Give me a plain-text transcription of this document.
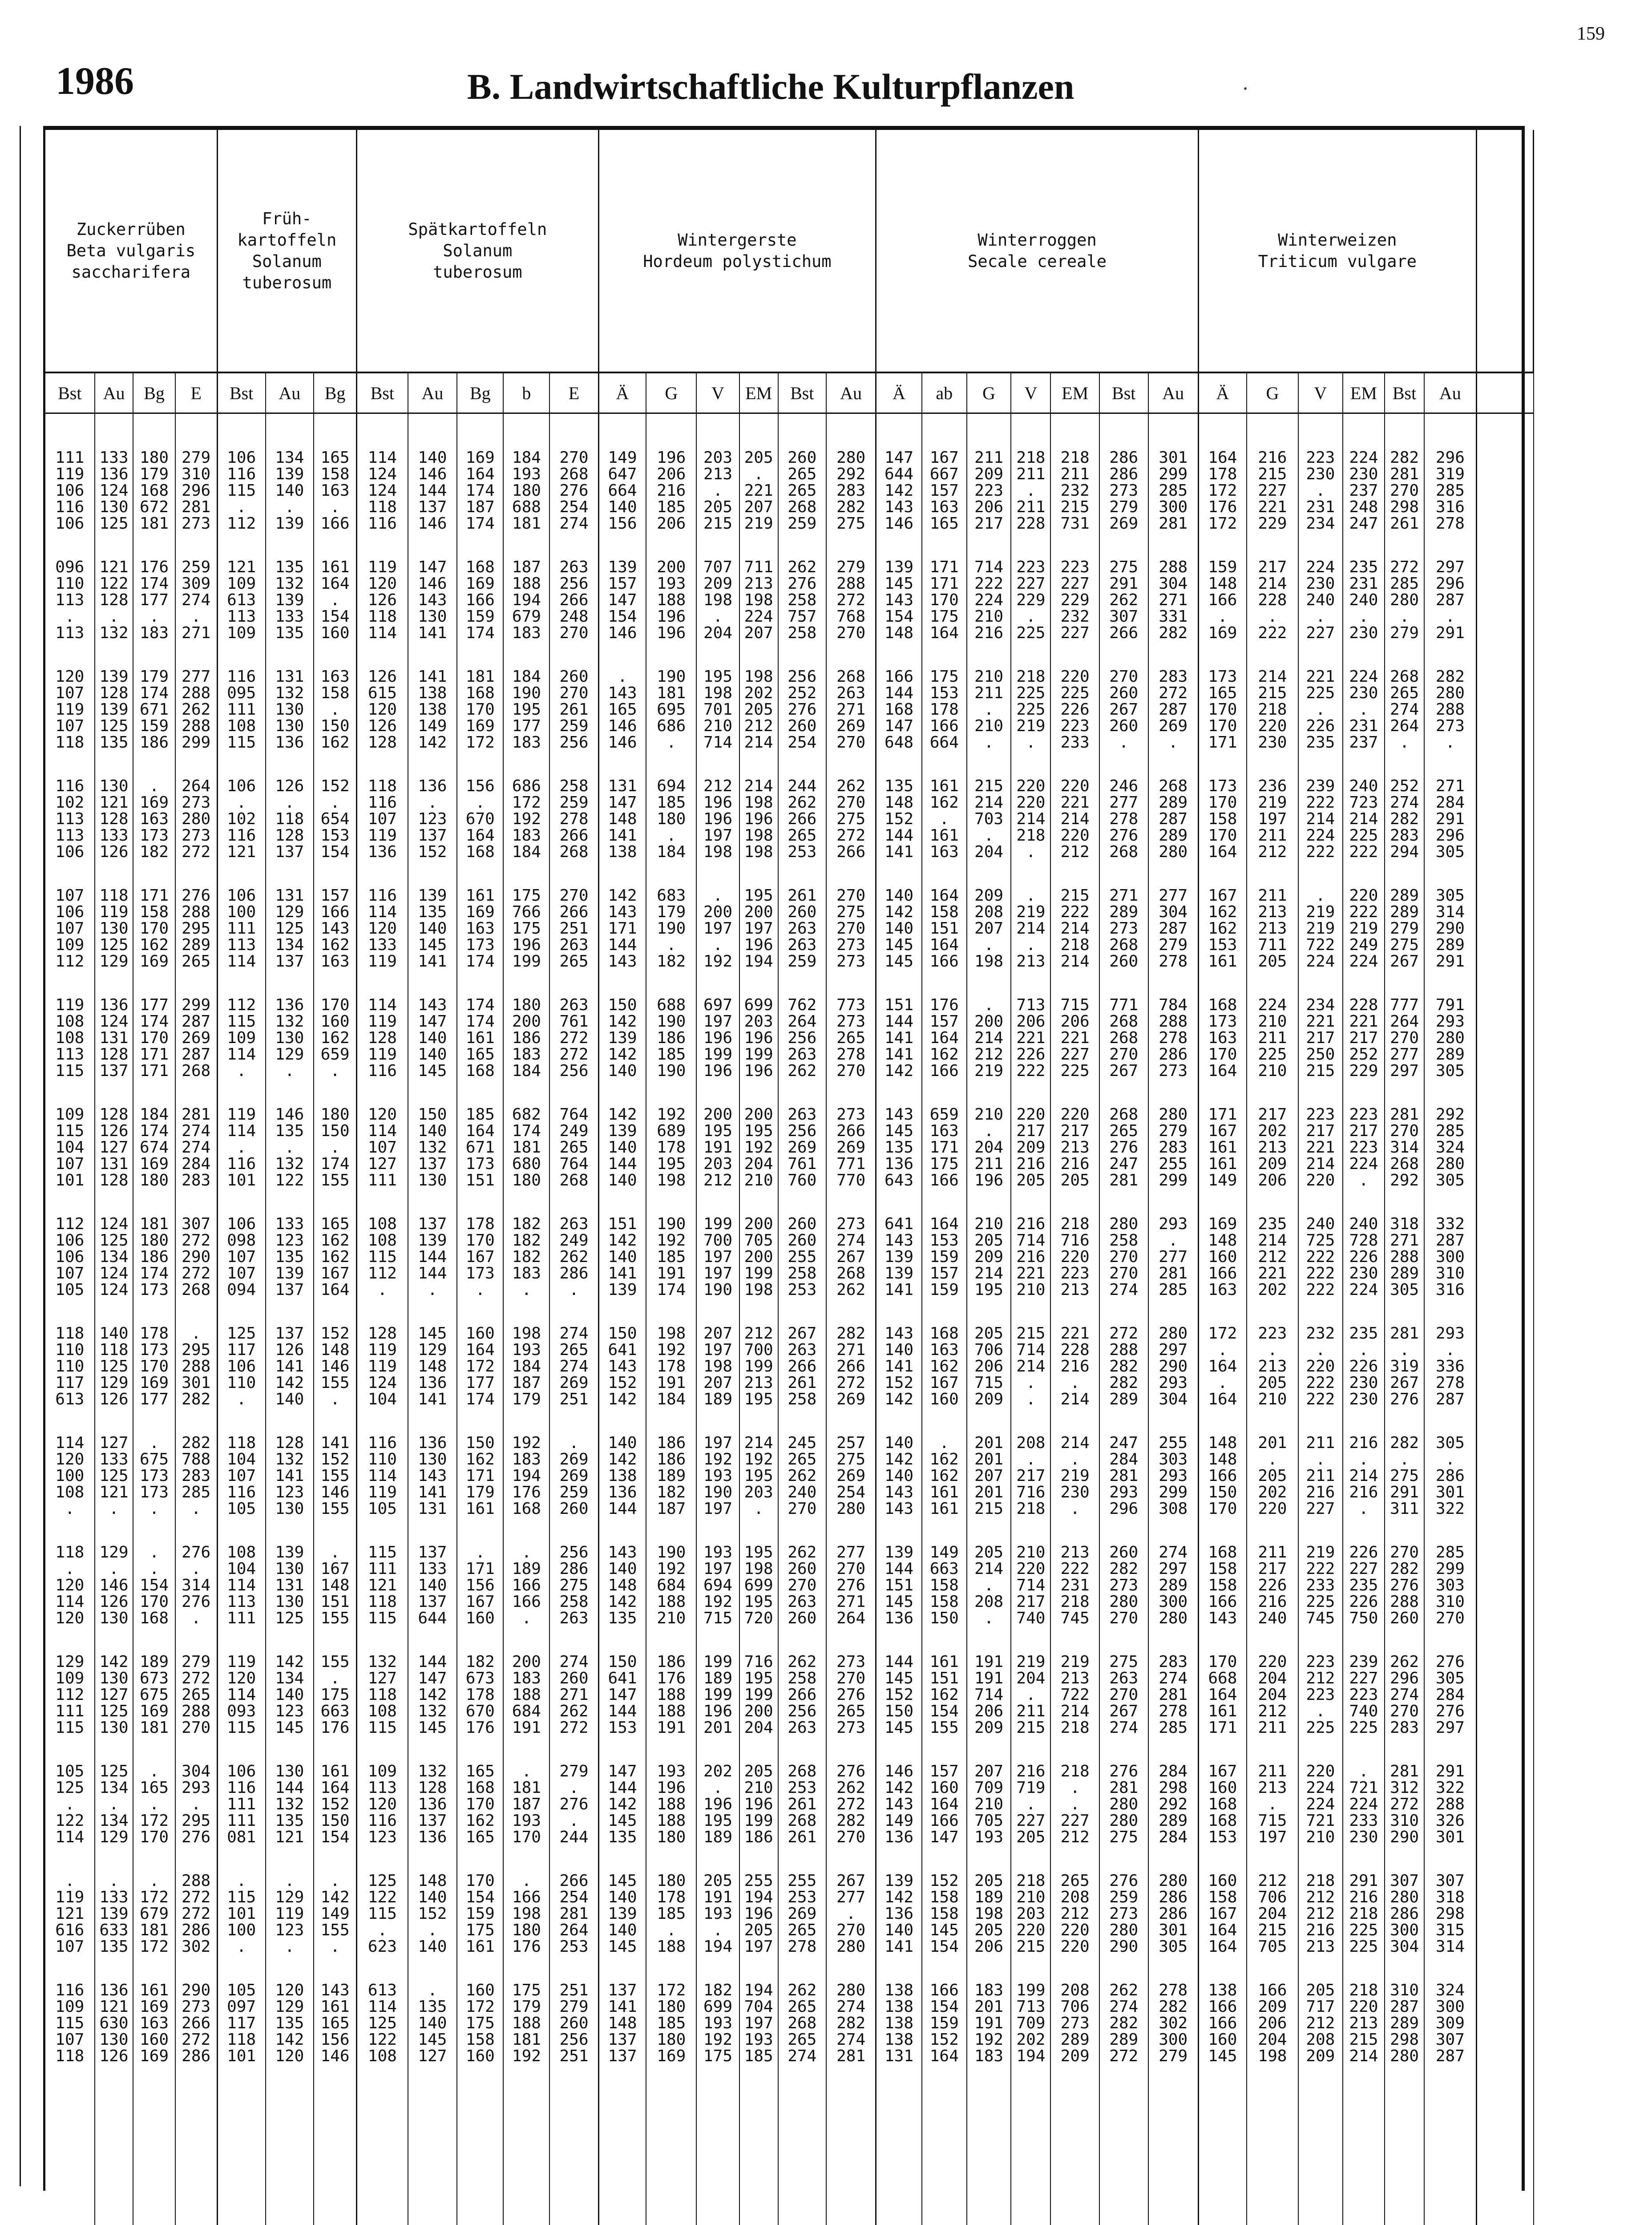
159
1986	B. Landwirtschaftliche Kulturpflanzen
Zuckerrüben
Beta vulgaris
saccharifera				Früh-
kartoffeln
Solanum
tuberosum			Spätkartoffeln
Solanum
tuberosum					Wintergerste
Hordeum polystichum						Winterroggen
Secale cereale							Winterweizen
Triticum vulgare						
Bst	Au	Bg	E	Bst	Au	Bg	Bst	Au	Bg	b	E	Ä	G	V	EM	Bst	Au	Ä	ab	G	V	EM	Bst	Au	Ä	G	V	EM	Bst	Au	

111	133	180	279	106	134	165	114	140	169	184	270	149	196	203	205	260	280	147	167	211	218	218	286	301	164	216	223	224	282	296	
119	136	179	310	116	139	158	124	146	164	193	268	647	206	213	.	265	292	644	667	209	211	211	286	299	178	215	230	230	281	319	
106	124	168	296	115	140	163	124	144	174	180	276	664	216	.	221	265	283	142	157	223	.	232	273	285	172	227	.	237	270	285	
116	130	672	281	.	.	.	118	137	187	688	254	140	185	205	207	268	282	143	163	206	211	215	279	300	176	221	231	248	298	316	
106	125	181	273	112	139	166	116	146	174	181	274	156	206	215	219	259	275	146	165	217	228	731	269	281	172	229	234	247	261	278	
096	121	176	259	121	135	161	119	147	168	187	263	139	200	707	711	262	279	139	171	714	223	223	275	288	159	217	224	235	272	297	
110	122	174	309	109	132	164	120	146	169	188	256	157	193	209	213	276	288	145	171	222	227	227	291	304	148	214	230	231	285	296	
113	128	177	274	613	139	.	126	143	166	194	266	147	188	198	198	258	272	143	170	224	229	229	262	271	166	228	240	240	280	287	
.	.	.	.	113	133	154	118	130	159	679	248	154	196	.	224	757	768	154	175	210	.	232	307	331	.	.	.	.	.	.	
113	132	183	271	109	135	160	114	141	174	183	270	146	196	204	207	258	270	148	164	216	225	227	266	282	169	222	227	230	279	291	
120	139	179	277	116	131	163	126	141	181	184	260	.	190	195	198	256	268	166	175	210	218	220	270	283	173	214	221	224	268	282	
107	128	174	288	095	132	158	615	138	168	190	270	143	181	198	202	252	263	144	153	211	225	225	260	272	165	215	225	230	265	280	
119	139	671	262	111	130	.	120	138	170	195	261	165	695	701	205	276	271	168	178	.	225	226	267	287	170	218	.	.	274	288	
107	125	159	288	108	130	150	126	149	169	177	259	146	686	210	212	260	269	147	166	210	219	223	260	269	170	220	226	231	264	273	
118	135	186	299	115	136	162	128	142	172	183	256	146	.	714	214	254	270	648	664	.	.	233	.	.	171	230	235	237	.	.	
116	130	.	264	106	126	152	118	136	156	686	258	131	694	212	214	244	262	135	161	215	220	220	246	268	173	236	239	240	252	271	
102	121	169	273	.	.	.	116	.	.	172	259	147	185	196	198	262	270	148	162	214	220	221	277	289	170	219	222	723	274	284	
113	128	163	280	102	118	654	107	123	670	192	278	148	180	196	196	266	275	152	.	703	214	214	278	287	158	197	214	214	282	291	
113	133	173	273	116	128	153	119	137	164	183	266	141	.	197	198	265	272	144	161	.	218	220	276	289	170	211	224	225	283	296	
106	126	182	272	121	137	154	136	152	168	184	268	138	184	198	198	253	266	141	163	204	.	212	268	280	164	212	222	222	294	305	
107	118	171	276	106	131	157	116	139	161	175	270	142	683	.	195	261	270	140	164	209	.	215	271	277	167	211	.	220	289	305	
106	119	158	288	100	129	166	114	135	169	766	266	143	179	200	200	260	275	142	158	208	219	222	289	304	162	213	219	222	289	314	
107	130	170	295	111	125	143	120	140	163	175	251	171	190	197	197	263	270	140	151	207	214	214	273	287	162	213	219	219	279	290	
109	125	162	289	113	134	162	133	145	173	196	263	144	.	.	196	263	273	145	164	.	.	218	268	279	153	711	722	249	275	289	
112	129	169	265	114	137	163	119	141	174	199	265	143	182	192	194	259	273	145	166	198	213	214	260	278	161	205	224	224	267	291	
119	136	177	299	112	136	170	114	143	174	180	263	150	688	697	699	762	773	151	176	.	713	715	771	784	168	224	234	228	777	791	
108	124	174	287	115	132	160	119	147	174	200	761	142	190	197	203	264	273	144	157	200	206	206	268	288	173	210	221	221	264	293	
108	131	170	269	109	130	162	128	140	161	186	272	139	186	196	196	256	265	141	164	214	221	221	268	278	163	211	217	217	270	280	
113	128	171	287	114	129	659	119	140	165	183	272	142	185	199	199	263	278	141	162	212	226	227	270	286	170	225	250	252	277	289	
115	137	171	268	.	.	.	116	145	168	184	256	140	190	196	196	262	270	142	166	219	222	225	267	273	164	210	215	229	297	305	
109	128	184	281	119	146	180	120	150	185	682	764	142	192	200	200	263	273	143	659	210	220	220	268	280	171	217	223	223	281	292	
115	126	174	274	114	135	150	114	140	164	174	249	139	689	195	195	256	266	145	163	.	217	217	265	279	167	202	217	217	270	285	
104	127	674	274	.	.	.	107	132	671	181	265	140	178	191	192	269	269	135	171	204	209	213	276	283	161	213	221	223	314	324	
107	131	169	284	116	132	174	127	137	173	680	764	144	195	203	204	761	771	136	175	211	216	216	247	255	161	209	214	224	268	280	
101	128	180	283	101	122	155	111	130	151	180	268	140	198	212	210	760	770	643	166	196	205	205	281	299	149	206	220	.	292	305	
112	124	181	307	106	133	165	108	137	178	182	263	151	190	199	200	260	273	641	164	210	216	218	280	293	169	235	240	240	318	332	
106	125	180	272	098	123	162	108	139	170	182	249	142	192	700	705	260	274	143	153	205	714	716	258	.	148	214	725	728	271	287	
106	134	186	290	107	135	162	115	144	167	182	262	140	185	197	200	255	267	139	159	209	216	220	270	277	160	212	222	226	288	300	
107	124	174	272	107	139	167	112	144	173	183	286	141	191	197	199	258	268	139	157	214	221	223	270	281	166	221	222	230	289	310	
105	124	173	268	094	137	164	.	.	.	.	.	139	174	190	198	253	262	141	159	195	210	213	274	285	163	202	222	224	305	316	
118	140	178	.	125	137	152	128	145	160	198	274	150	198	207	212	267	282	143	168	205	215	221	272	280	172	223	232	235	281	293	
110	118	173	295	117	126	148	119	129	164	193	265	641	192	197	700	263	271	140	163	706	714	228	288	297	.	.	.	.	.	.	
110	125	170	288	106	141	146	119	148	172	184	274	143	178	198	199	266	266	141	162	206	214	216	282	290	164	213	220	226	319	336	
117	129	169	301	110	142	155	124	136	177	187	269	152	191	207	213	261	272	152	167	715	.	.	282	293	.	205	222	230	267	278	
613	126	177	282	.	140	.	104	141	174	179	251	142	184	189	195	258	269	142	160	209	.	214	289	304	164	210	222	230	276	287	
114	127	.	282	118	128	141	116	136	150	192	.	140	186	197	214	245	257	140	.	201	208	214	247	255	148	201	211	216	282	305	
120	133	675	788	104	132	152	110	130	162	183	269	142	186	192	192	265	275	142	162	201	.	.	284	303	148	.	.	.	.	.	
100	125	173	283	107	141	155	114	143	171	194	269	138	189	193	195	262	269	140	162	207	217	219	281	293	166	205	211	214	275	286	
108	121	173	285	116	123	146	119	141	179	176	259	136	182	190	203	240	254	143	161	201	716	230	293	299	150	202	216	216	291	301	
.	.	.	.	105	130	155	105	131	161	168	260	144	187	197	.	270	280	143	161	215	218	.	296	308	170	220	227	.	311	322	
118	129	.	276	108	139	.	115	137	.	.	256	143	190	193	195	262	277	139	149	205	210	213	260	274	168	211	219	226	270	285	
.	.	.	.	104	130	167	111	133	171	189	286	140	192	197	198	260	270	144	663	214	220	222	282	297	158	217	222	227	282	299	
120	146	154	314	114	131	148	121	140	156	166	275	148	684	694	699	270	276	151	158	.	714	231	273	289	158	226	233	235	276	303	
114	126	170	276	113	130	151	118	137	167	166	258	142	188	192	195	263	271	145	158	208	217	218	280	300	166	216	225	226	288	310	
120	130	168	.	111	125	155	115	644	160	.	263	135	210	715	720	260	264	136	150	.	740	745	270	280	143	240	745	750	260	270	
129	142	189	279	119	142	155	132	144	182	200	274	150	186	199	716	262	273	144	161	191	219	219	275	283	170	220	223	239	262	276	
109	130	673	272	120	134	.	127	147	673	183	260	641	176	189	195	258	270	145	151	191	204	213	263	274	668	204	212	227	296	305	
112	127	675	265	114	140	175	118	142	178	188	271	147	188	199	199	266	276	152	162	714	.	722	270	281	164	204	223	223	274	284	
111	125	169	288	093	123	663	108	132	670	684	262	144	188	196	200	256	265	150	154	206	211	214	267	278	161	212	.	740	270	276	
115	130	181	270	115	145	176	115	145	176	191	272	153	191	201	204	263	273	145	155	209	215	218	274	285	171	211	225	225	283	297	
105	125	.	304	106	130	161	109	132	165	.	279	147	193	202	205	268	276	146	157	207	216	218	276	284	167	211	220	.	281	291	
125	134	165	293	116	144	164	113	128	168	181	.	144	196	.	210	253	262	142	160	709	719	.	281	298	160	213	224	721	312	322	
.	.	.	.	111	132	152	120	136	170	187	276	142	188	196	196	261	272	143	164	210	.	.	280	292	168	.	224	224	272	288	
122	134	172	295	111	135	150	116	137	162	193	.	145	188	195	199	268	282	149	166	705	227	227	280	289	168	715	721	233	310	326	
114	129	170	276	081	121	154	123	136	165	170	244	135	180	189	186	261	270	136	147	193	205	212	275	284	153	197	210	230	290	301	
.	.	.	288	.	.	.	125	148	170	.	266	145	180	205	255	255	267	139	152	205	218	265	276	280	160	212	218	291	307	307	
119	133	172	272	115	129	142	122	140	154	166	254	140	178	191	194	253	277	142	158	189	210	208	259	286	158	706	212	216	280	318	
121	139	679	272	101	119	149	115	152	159	198	281	139	185	193	196	269	.	136	158	198	203	212	273	286	167	204	212	218	286	298	
616	633	181	286	100	123	155	.	.	175	180	264	140	.	.	205	265	270	140	145	205	220	220	280	301	164	215	216	225	300	315	
107	135	172	302	.	.	.	623	140	161	176	253	145	188	194	197	278	280	141	154	206	215	220	290	305	164	705	213	225	304	314	
116	136	161	290	105	120	143	613	.	160	175	251	137	172	182	194	262	280	138	166	183	199	208	262	278	138	166	205	218	310	324	
109	121	169	273	097	129	161	114	135	172	179	279	141	180	699	704	265	274	138	154	201	713	706	274	282	166	209	717	220	287	300	
115	630	163	266	117	135	165	125	140	175	188	260	148	185	193	197	268	282	138	159	191	709	273	282	302	166	206	212	213	289	309	
107	130	160	272	118	142	156	122	145	158	181	256	137	180	192	193	265	274	138	152	192	202	289	289	300	160	204	208	215	298	307	
118	126	169	286	101	120	146	108	127	160	192	251	137	169	175	185	274	281	131	164	183	194	209	272	279	145	198	209	214	280	287	
